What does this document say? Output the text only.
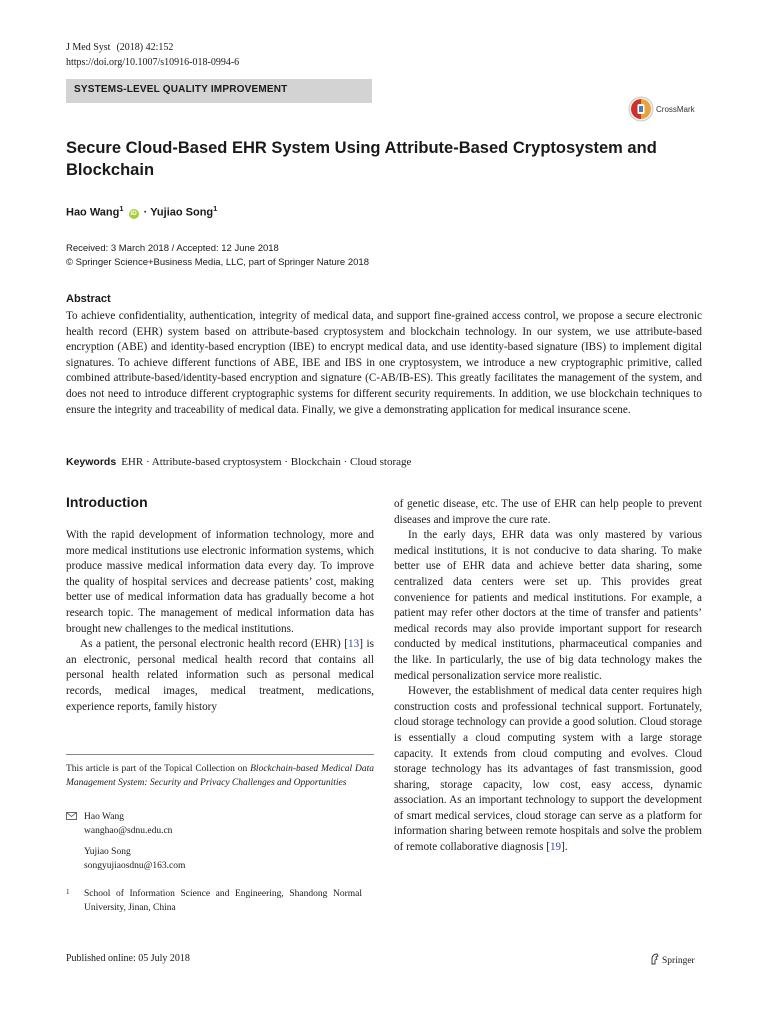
J Med Syst (2018) 42:152
https://doi.org/10.1007/s10916-018-0994-6
SYSTEMS-LEVEL QUALITY IMPROVEMENT
CrossMark
Secure Cloud-Based EHR System Using Attribute-Based Cryptosystem and Blockchain
Hao Wang$^1$ iD · Yujiao Song$^1$
Received: 3 March 2018 / Accepted: 12 June 2018
© Springer Science+Business Media, LLC, part of Springer Nature 2018
Abstract
To achieve confidentiality, authentication, integrity of medical data, and support fine-grained access control, we propose a secure electronic health record (EHR) system based on attribute-based cryptosystem and blockchain technology. In our system, we use attribute-based encryption (ABE) and identity-based encryption (IBE) to encrypt medical data, and use identity-based signature (IBS) to implement digital signatures. To achieve different functions of ABE, IBE and IBS in one cryptosystem, we introduce a new cryptographic primitive, called combined attribute-based/identity-based encryption and signature (C-AB/IB-ES). This greatly facilitates the management of the system, and does not need to introduce different cryptographic systems for different security requirements. In addition, we use blockchain techniques to ensure the integrity and traceability of medical data. Finally, we give a demonstrating application for medical insurance scene.
Keywords EHR · Attribute-based cryptosystem · Blockchain · Cloud storage
Introduction

With the rapid development of information technology, more and more medical institutions use electronic information systems, which produce massive medical information data every day. To improve the quality of hospital services and decrease patients’ cost, making better use of medical information data has gradually become a hot research topic. The management of medical information data has brought new challenges to the medical institutions.

As a patient, the personal electronic health record (EHR) [13] is an electronic, personal medical health record that contains all personal health related information such as personal medical records, medical images, medical treatment, medications, experience reports, family history

of genetic disease, etc. The use of EHR can help people to prevent diseases and improve the cure rate.

In the early days, EHR data was only mastered by various medical institutions, it is not conducive to data sharing. To make better use of EHR data and achieve better data sharing, some centralized data centers were set up. This provides great convenience for patients and medical institutions. For example, a patient may refer other doctors at the time of transfer and patients’ medical records may also provide important support for research conducted by medical institutions, pharmaceutical companies and the like. In particularly, the use of big data technology makes the medical personalization service more realistic.

However, the establishment of medical data center requires high construction costs and professional technical support. Fortunately, cloud storage technology can provide a good solution. Cloud storage is essentially a cloud computing system with a large storage capacity. It extends from cloud computing and evolves. Cloud storage technology has its advantages of fast transmission, good sharing, storage capacity, low cost, easy access, dynamic association. As an important technology to support the development of smart medical services, cloud storage can serve as a platform for information sharing between remote hospitals and solve the problem of remote collaborative diagnosis [19].

This article is part of the Topical Collection on Blockchain-based Medical Data Management System: Security and Privacy Challenges and Opportunities
Hao Wang
wanghao@sdnu.edu.cn
Yujiao Song
songyujiaosdnu@163.com
1 School of Information Science and Engineering, Shandong Normal University, Jinan, China
Published online: 05 July 2018	Springer
